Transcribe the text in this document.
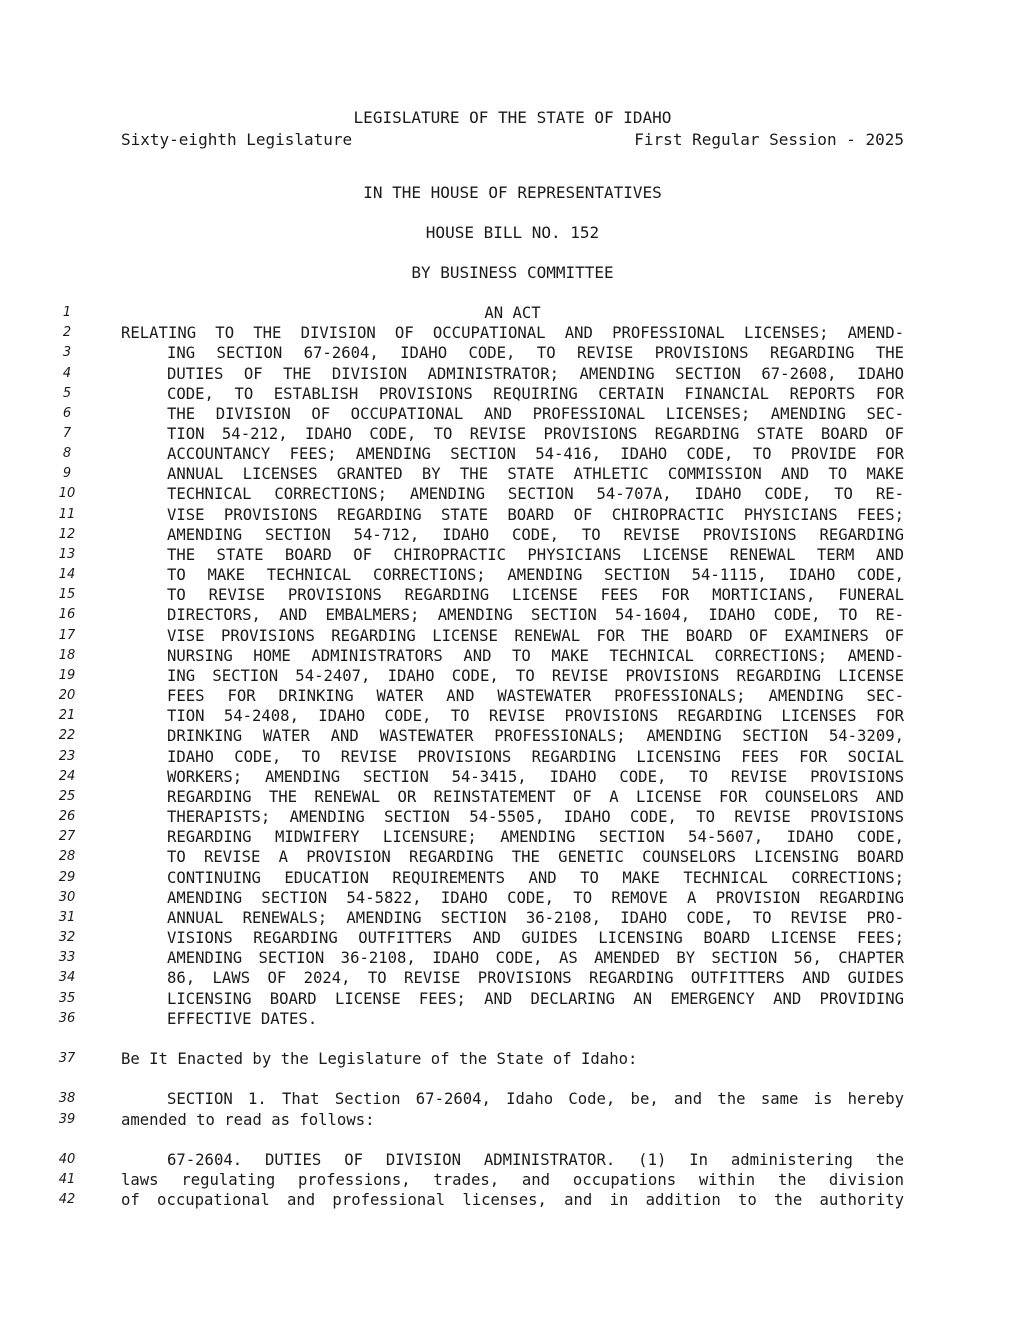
LEGISLATURE OF THE STATE OF IDAHO
Sixty-eighth Legislature	First Regular Session - 2025
IN THE HOUSE OF REPRESENTATIVES
HOUSE BILL NO. 152
BY BUSINESS COMMITTEE
1	AN ACT
2	RELATING TO THE DIVISION OF OCCUPATIONAL AND PROFESSIONAL LICENSES; AMEND-
3	ING SECTION 67-2604, IDAHO CODE, TO REVISE PROVISIONS REGARDING THE
4	DUTIES OF THE DIVISION ADMINISTRATOR; AMENDING SECTION 67-2608, IDAHO
5	CODE, TO ESTABLISH PROVISIONS REQUIRING CERTAIN FINANCIAL REPORTS FOR
6	THE DIVISION OF OCCUPATIONAL AND PROFESSIONAL LICENSES; AMENDING SEC-
7	TION 54-212, IDAHO CODE, TO REVISE PROVISIONS REGARDING STATE BOARD OF
8	ACCOUNTANCY FEES; AMENDING SECTION 54-416, IDAHO CODE, TO PROVIDE FOR
9	ANNUAL LICENSES GRANTED BY THE STATE ATHLETIC COMMISSION AND TO MAKE
10	TECHNICAL CORRECTIONS; AMENDING SECTION 54-707A, IDAHO CODE, TO RE-
11	VISE PROVISIONS REGARDING STATE BOARD OF CHIROPRACTIC PHYSICIANS FEES;
12	AMENDING SECTION 54-712, IDAHO CODE, TO REVISE PROVISIONS REGARDING
13	THE STATE BOARD OF CHIROPRACTIC PHYSICIANS LICENSE RENEWAL TERM AND
14	TO MAKE TECHNICAL CORRECTIONS; AMENDING SECTION 54-1115, IDAHO CODE,
15	TO REVISE PROVISIONS REGARDING LICENSE FEES FOR MORTICIANS, FUNERAL
16	DIRECTORS, AND EMBALMERS; AMENDING SECTION 54-1604, IDAHO CODE, TO RE-
17	VISE PROVISIONS REGARDING LICENSE RENEWAL FOR THE BOARD OF EXAMINERS OF
18	NURSING HOME ADMINISTRATORS AND TO MAKE TECHNICAL CORRECTIONS; AMEND-
19	ING SECTION 54-2407, IDAHO CODE, TO REVISE PROVISIONS REGARDING LICENSE
20	FEES FOR DRINKING WATER AND WASTEWATER PROFESSIONALS; AMENDING SEC-
21	TION 54-2408, IDAHO CODE, TO REVISE PROVISIONS REGARDING LICENSES FOR
22	DRINKING WATER AND WASTEWATER PROFESSIONALS; AMENDING SECTION 54-3209,
23	IDAHO CODE, TO REVISE PROVISIONS REGARDING LICENSING FEES FOR SOCIAL
24	WORKERS; AMENDING SECTION 54-3415, IDAHO CODE, TO REVISE PROVISIONS
25	REGARDING THE RENEWAL OR REINSTATEMENT OF A LICENSE FOR COUNSELORS AND
26	THERAPISTS; AMENDING SECTION 54-5505, IDAHO CODE, TO REVISE PROVISIONS
27	REGARDING MIDWIFERY LICENSURE; AMENDING SECTION 54-5607, IDAHO CODE,
28	TO REVISE A PROVISION REGARDING THE GENETIC COUNSELORS LICENSING BOARD
29	CONTINUING EDUCATION REQUIREMENTS AND TO MAKE TECHNICAL CORRECTIONS;
30	AMENDING SECTION 54-5822, IDAHO CODE, TO REMOVE A PROVISION REGARDING
31	ANNUAL RENEWALS; AMENDING SECTION 36-2108, IDAHO CODE, TO REVISE PRO-
32	VISIONS REGARDING OUTFITTERS AND GUIDES LICENSING BOARD LICENSE FEES;
33	AMENDING SECTION 36-2108, IDAHO CODE, AS AMENDED BY SECTION 56, CHAPTER
34	86, LAWS OF 2024, TO REVISE PROVISIONS REGARDING OUTFITTERS AND GUIDES
35	LICENSING BOARD LICENSE FEES; AND DECLARING AN EMERGENCY AND PROVIDING
36	EFFECTIVE DATES.
37	Be It Enacted by the Legislature of the State of Idaho:
38	SECTION 1. That Section 67-2604, Idaho Code, be, and the same is hereby
39	amended to read as follows:
40	67-2604. DUTIES OF DIVISION ADMINISTRATOR. (1) In administering the
41	laws regulating professions, trades, and occupations within the division
42	of occupational and professional licenses, and in addition to the authority
